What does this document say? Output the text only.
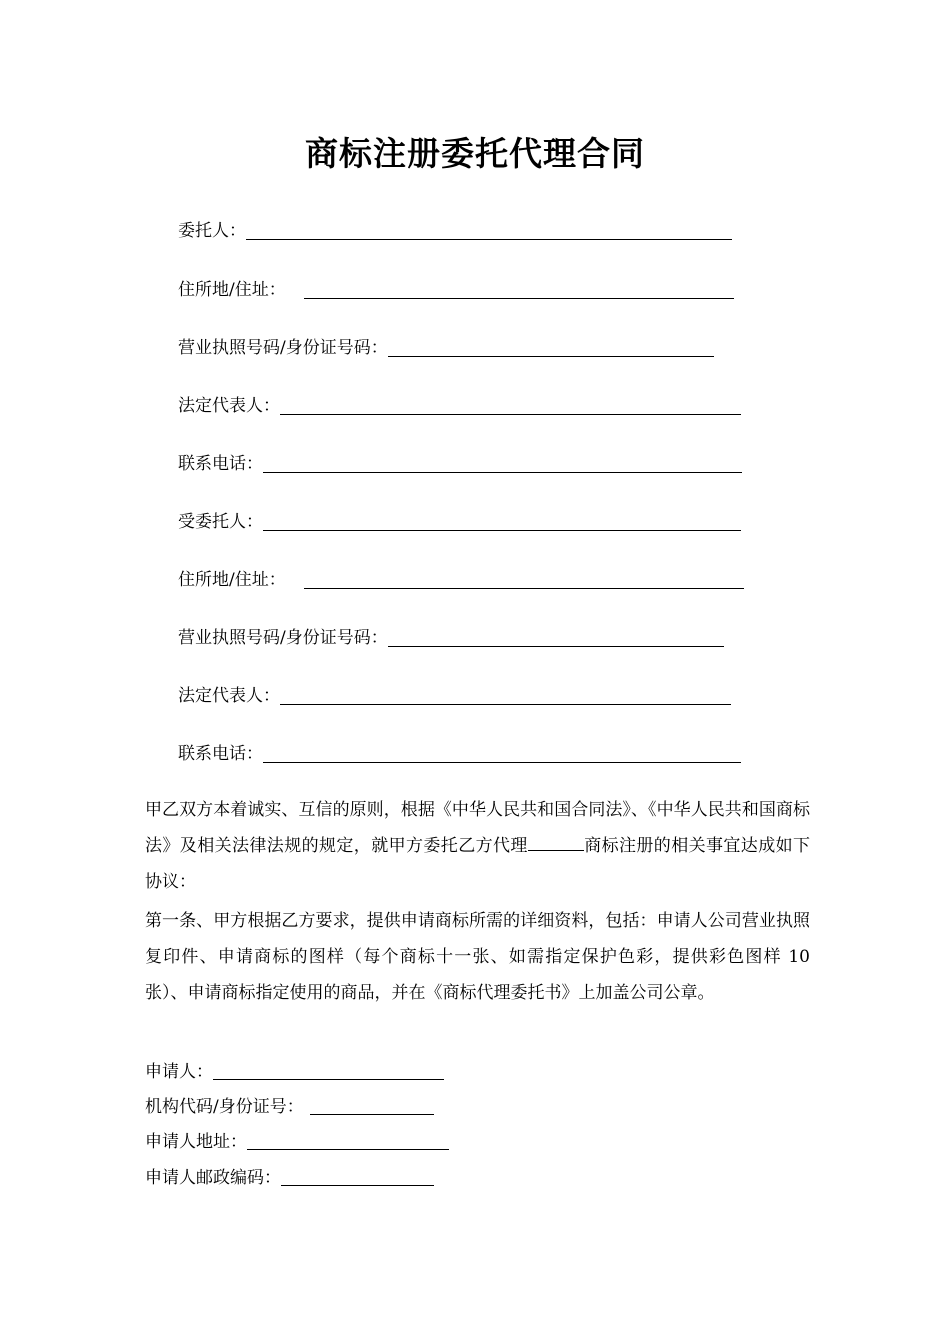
商标注册委托代理合同
委托人：
住所地/住址：
营业执照号码/身份证号码：
法定代表人：
联系电话：
受委托人：
住所地/住址：
营业执照号码/身份证号码：
法定代表人：
联系电话：

甲乙双方本着诚实、互信的原则，根据《中华人民共和国合同法》、《中华人民共和国商标法》及相关法律法规的规定，就甲方委托乙方代理	商标注册的相关事宜达成如下协议：

第一条、甲方根据乙方要求，提供申请商标所需的详细资料，包括：申请人公司营业执照复印件、申请商标的图样（每个商标十一张、如需指定保护色彩，提供彩色图样 10 张）、申请商标指定使用的商品，并在《商标代理委托书》上加盖公司公章。

申请人：
机构代码/身份证号：
申请人地址：
申请人邮政编码：
